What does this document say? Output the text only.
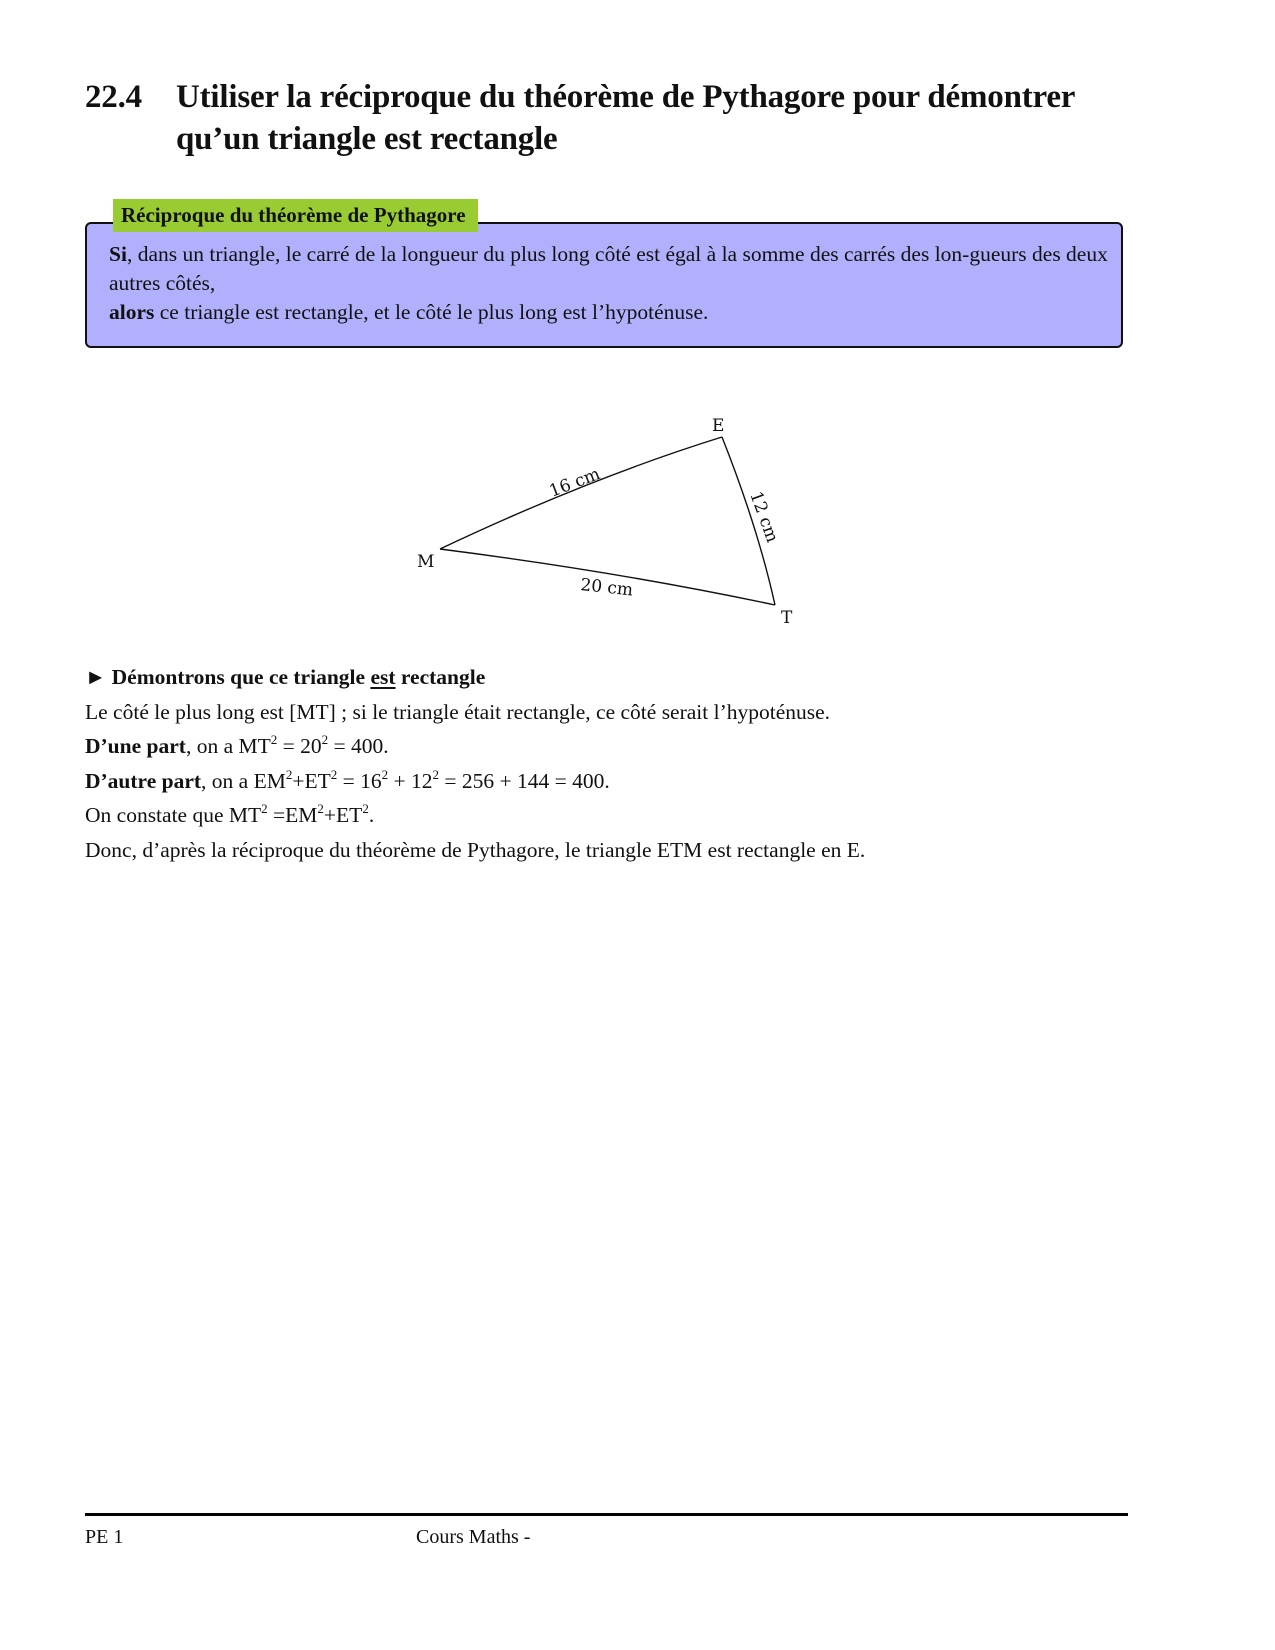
22.4 Utiliser la réciproque du théorème de Pythagore pour démontrer qu’un triangle est rectangle
Réciproque du théorème de Pythagore
Si, dans un triangle, le carré de la longueur du plus long côté est égal à la somme des carrés des lon-gueurs des deux autres côtés,
alors ce triangle est rectangle, et le côté le plus long est l’hypoténuse.
E
M
T
16 cm
12 cm
20 cm
► Démontrons que ce triangle est rectangle
Le côté le plus long est [MT] ; si le triangle était rectangle, ce côté serait l’hypoténuse.
D’une part, on a $MT^2 = 20^2 = 400$.
D’autre part, on a $EM^2+ET^2 = 16^2 + 12^2 = 256 + 144 = 400$.
On constate que $MT^2 =EM^2+ET^2$.
Donc, d’après la réciproque du théorème de Pythagore, le triangle ETM est rectangle en E.
PE 1	Cours Maths -
